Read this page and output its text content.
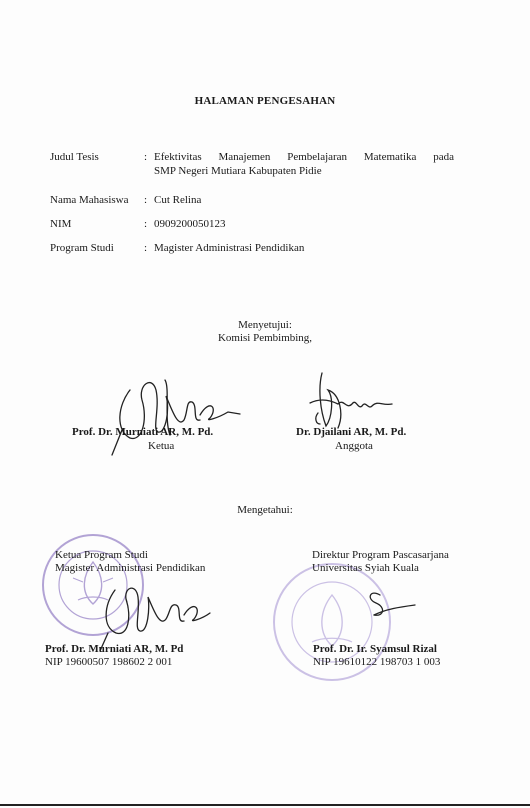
HALAMAN PENGESAHAN
Judul Tesis	: Efektivitas Manajemen Pembelajaran Matematika pada
SMP Negeri Mutiara Kabupaten Pidie
Nama Mahasiswa : Cut Relina
NIM	: 0909200050123
Program Studi	: Magister Administrasi Pendidikan
Menyetujui:
Komisi Pembimbing,
Prof. Dr. Murniati AR, M. Pd.
Ketua
Dr. Djailani AR, M. Pd.
Anggota
Mengetahui:
Ketua Program Studi
Magister Administrasi Pendidikan
Direktur Program Pascasarjana
Universitas Syiah Kuala
Prof. Dr. Murniati AR, M. Pd
NIP 19600507 198602 2 001
Prof. Dr. Ir. Syamsul Rizal
NIP 19610122 198703 1 003
